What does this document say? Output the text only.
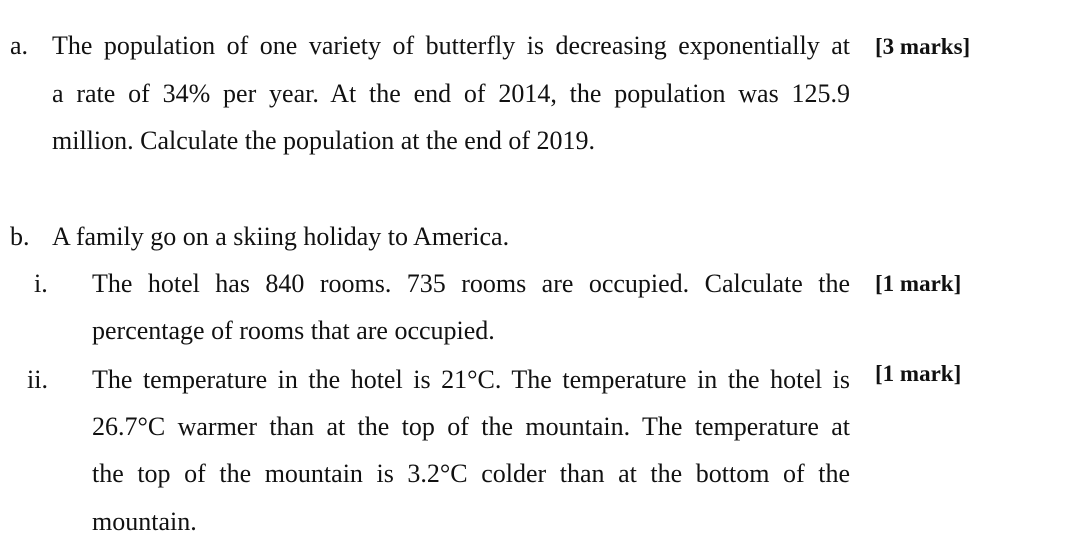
a. The population of one variety of butterfly is decreasing exponentially at
a rate of 34% per year. At the end of 2014, the population was 125.9
million. Calculate the population at the end of 2019.
[3 marks]
b. A family go on a skiing holiday to America.
i. The hotel has 840 rooms. 735 rooms are occupied. Calculate the
percentage of rooms that are occupied.
[1 mark]
ii. The temperature in the hotel is 21°C. The temperature in the hotel is
26.7°C warmer than at the top of the mountain. The temperature at
the top of the mountain is 3.2°C colder than at the bottom of the
mountain.
[1 mark]
